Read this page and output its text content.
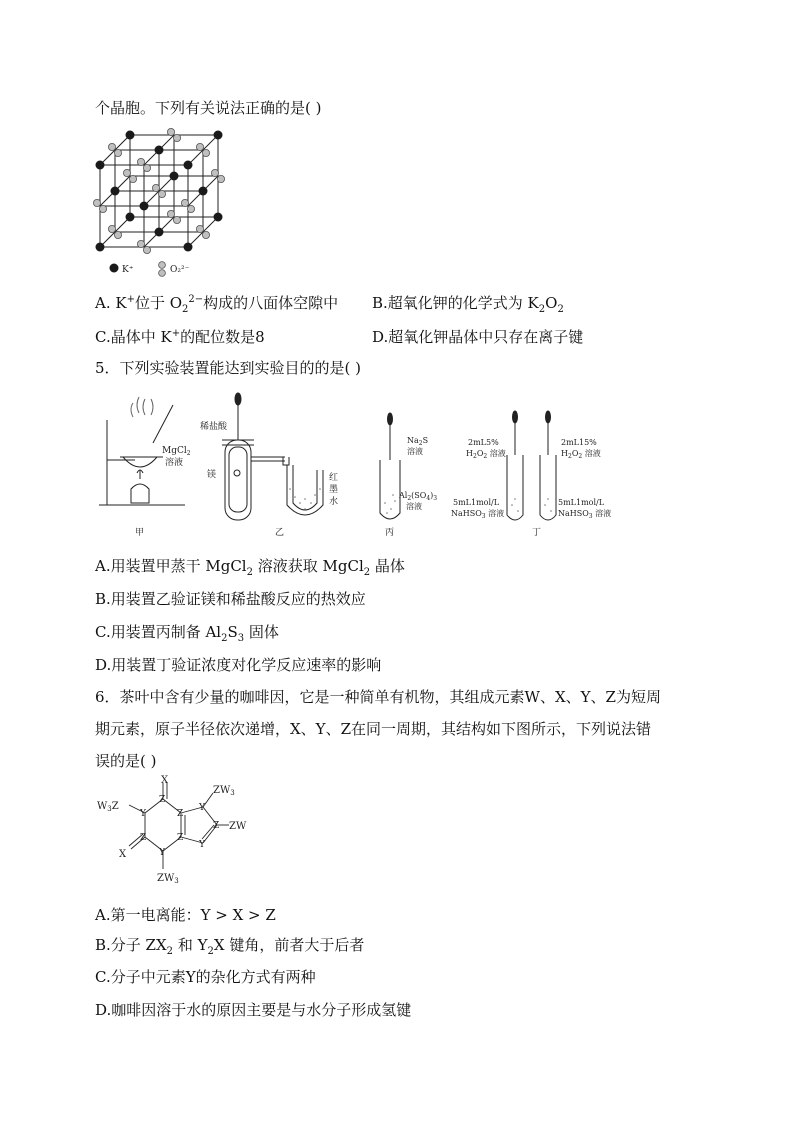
个晶胞。下列有关说法正确的是( )
K⁺	O₂²⁻
A. K+位于 $O_2^{2-}$构成的八面体空隙中 B.超氧化钾的化学式为 $K_2O_2$
C.晶体中 K+的配位数是8	D.超氧化钾晶体中只存在离子键
5．下列实验装置能达到实验目的的是( )
MgCl$_2$
溶液
甲
稀盐酸
镁	红
墨
水
乙
$Na_2S$
溶液
$Al_2(SO_4)_3$
溶液
丙
2mL5%
$H_2O_2$ 溶液
2mL15%
$H_2O_2$ 溶液
5mL1mol/L
NaHSO$_3$ 溶液
5mL1mol/L
NaHSO$_3$ 溶液
丁
A.用装置甲蒸干 MgCl$_2$ 溶液获取 MgCl$_2$ 晶体
B.用装置乙验证镁和稀盐酸反应的热效应
C.用装置丙制备 $Al_2S_3$ 固体
D.用装置丁验证浓度对化学反应速率的影响
6．茶叶中含有少量的咖啡因，它是一种简单有机物，其组成元素W、X、Y、Z为短周
期元素，原子半径依次递增，X、Y、Z在同一周期，其结构如下图所示，下列说法错
误的是( )
X
$W_3Z$
$ZW_3$
ZW
X
$ZW_3$
Z
Y
Z
Y
Z
Z
Y
Z
Y
A.第一电离能：Y > X > Z
B.分子 $ZX_2$ 和 $Y_2X$ 键角，前者大于后者
C.分子中元素Y的杂化方式有两种
D.咖啡因溶于水的原因主要是与水分子形成氢键
